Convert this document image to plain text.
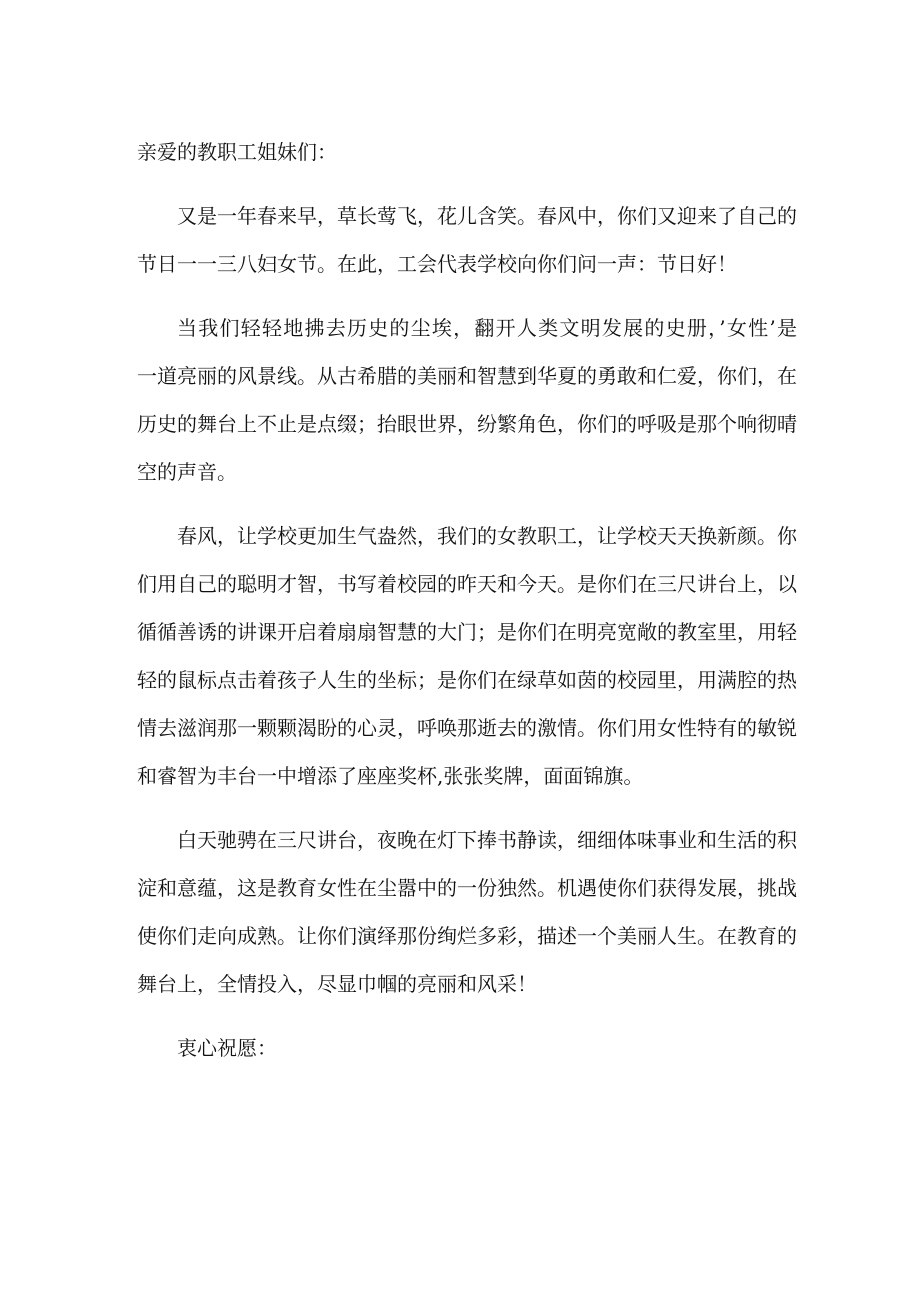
亲爱的教职工姐妹们：
又是一年春来早，草长莺飞，花儿含笑。春风中，你们又迎来了自己的
节日一一三八妇女节。在此，工会代表学校向你们问一声：节日好！
当我们轻轻地拂去历史的尘埃，翻开人类文明发展的史册，’女性’是
一道亮丽的风景线。从古希腊的美丽和智慧到华夏的勇敢和仁爱，你们，在
历史的舞台上不止是点缀；抬眼世界，纷繁角色，你们的呼吸是那个响彻晴
空的声音。
春风，让学校更加生气盎然，我们的女教职工，让学校天天换新颜。你
们用自己的聪明才智，书写着校园的昨天和今天。是你们在三尺讲台上，以
循循善诱的讲课开启着扇扇智慧的大门；是你们在明亮宽敞的教室里，用轻
轻的鼠标点击着孩子人生的坐标；是你们在绿草如茵的校园里，用满腔的热
情去滋润那一颗颗渴盼的心灵，呼唤那逝去的激情。你们用女性特有的敏锐
和睿智为丰台一中增添了座座奖杯,张张奖牌，面面锦旗。
白天驰骋在三尺讲台，夜晚在灯下捧书静读，细细体味事业和生活的积
淀和意蕴，这是教育女性在尘嚣中的一份独然。机遇使你们获得发展，挑战
使你们走向成熟。让你们演绎那份绚烂多彩，描述一个美丽人生。在教育的
舞台上，全情投入，尽显巾帼的亮丽和风采！
衷心祝愿：
